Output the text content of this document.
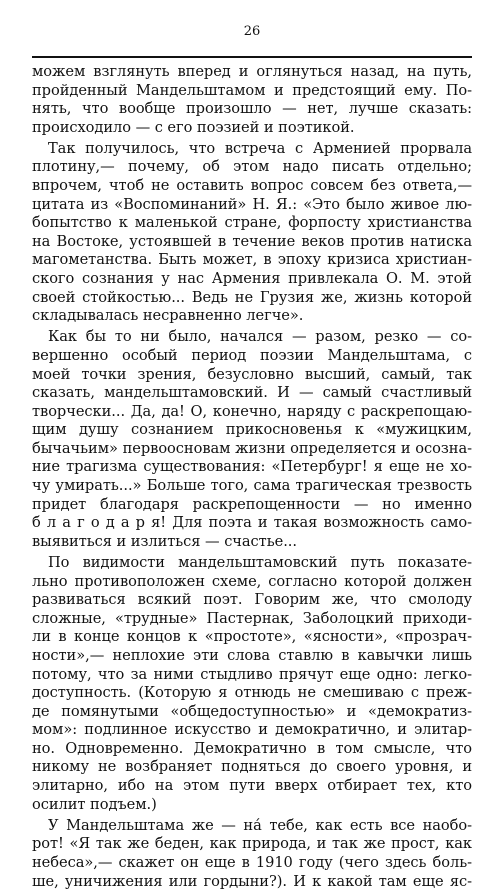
26
можем взглянуть вперед и оглянуться назад, на путь,
пройденный Мандельштамом и предстоящий ему. По-
нять, что вообще произошло — нет, лучше сказать:
происходило — с его поэзией и поэтикой.
Так получилось, что встреча с Арменией прорвала
плотину,— почему, об этом надо писать отдельно;
впрочем, чтоб не оставить вопрос совсем без ответа,—
цитата из «Воспоминаний» Н. Я.: «Это было живое лю-
бопытство к маленькой стране, форпосту христианства
на Востоке, устоявшей в течение веков против натиска
магометанства. Быть может, в эпоху кризиса христиан-
ского сознания у нас Армения привлекала О. М. этой
своей стойкостью... Ведь не Грузия же, жизнь которой
складывалась несравненно легче».
Как бы то ни было, начался — разом, резко — со-
вершенно особый период поэзии Мандельштама, с
моей точки зрения, безусловно высший, самый, так
сказать, мандельштамовский. И — самый счастливый
творчески... Да, да! О, конечно, наряду с раскрепощаю-
щим душу сознанием прикосновенья к «мужицким,
бычачьим» первоосновам жизни определяется и осозна-
ние трагизма существования: «Петербург! я еще не хо-
чу умирать...» Больше того, сама трагическая трезвость
придет благодаря раскрепощенности — но именно
б л а г о д а р я! Для поэта и такая возможность само-
выявиться и излиться — счастье...
По видимости мандельштамовский путь показате-
льно противоположен схеме, согласно которой должен
развиваться всякий поэт. Говорим же, что смолоду
сложные, «трудные» Пастернак, Заболоцкий приходи-
ли в конце концов к «простоте», «ясности», «прозрач-
ности»,— неплохие эти слова ставлю в кавычки лишь
потому, что за ними стыдливо прячут еще одно: легко-
доступность. (Которую я отнюдь не смешиваю с преж-
де помянутыми «общедоступностью» и «демократиз-
мом»: подлинное искусство и демократично, и элитар-
но. Одновременно. Демократично в том смысле, что
никому не возбраняет подняться до своего уровня, и
элитарно, ибо на этом пути вверх отбирает тех, кто
осилит подъем.)
У Мандельштама же — на́ тебе, как есть все наобо-
рот! «Я так же беден, как природа, и так же прост, как
небеса»,— скажет он еще в 1910 году (чего здесь боль-
ше, уничижения или гордыни?). И к какой там еще яс-
